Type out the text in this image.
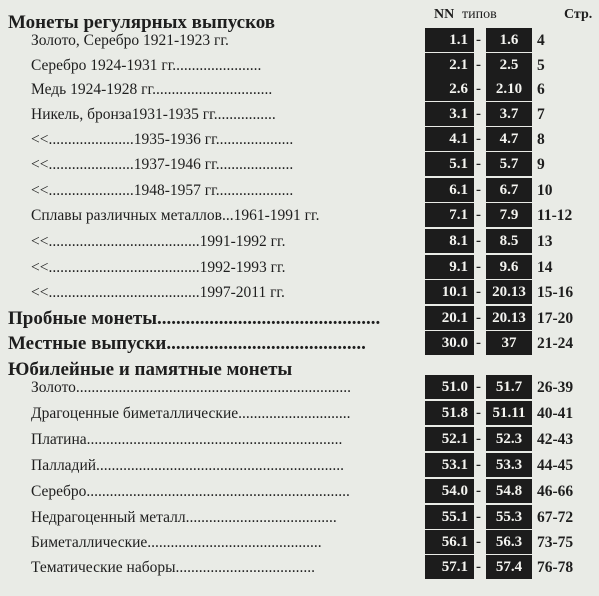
NN типов	Стр.
Монеты регулярных выпусков
Золото, Серебро 1921-1923 гг.	1.1 -	1.6	4
Серебро 1924-1931 гг.......................	2.1 -	2.5	5
Медь 1924-1928 гг...............................	2.6 - 2.10 6
Никель, бронза1931-1935 гг................	3.1 -	3.7	7
<<......................1935-1936 гг....................	4.1 -	4.7	8
<<......................1937-1946 гг....................	5.1 -	5.7	9
<<......................1948-1957 гг....................	6.1 -	6.7	10
Сплавы различных металлов...1961-1991 гг.	7.1 -	7.9	11-12
<<.......................................1991-1992 гг.	8.1 -	8.5	13
<<.......................................1992-1993 гг.	9.1 -	9.6	14
<<.......................................1997-2011 гг.	10.1 - 20.13 15-16
Пробные монеты...............................................	20.1 - 20.13 17-20
Местные выпуски..........................................	30.0 -	37	21-24
Золото.......................................................................	51.0 - 51.7 26-39
Драгоценные биметаллические.............................	51.8 - 51.11 40-41
Платина..................................................................	52.1 - 52.3 42-43
Палладий................................................................	53.1 - 53.3 44-45
Серебро....................................................................	54.0 - 54.8 46-66
Недрагоценный металл.......................................	55.1 - 55.3 67-72
Биметаллические.............................................	56.1 - 56.3 73-75
Тематические наборы....................................	57.1 - 57.4 76-78
Юбилейные и памятные монеты
